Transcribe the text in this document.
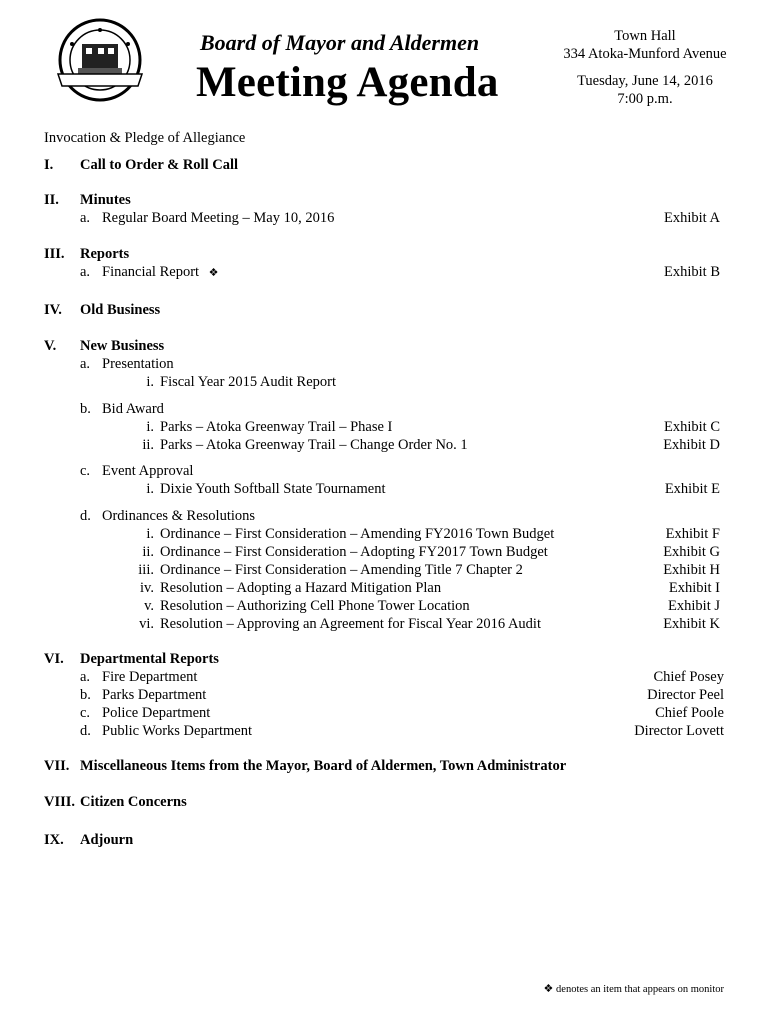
Board of Mayor and Aldermen
Meeting Agenda
Town Hall
334 Atoka-Munford Avenue
Tuesday, June 14, 2016
7:00 p.m.
Invocation & Pledge of Allegiance
I. Call to Order & Roll Call
II. Minutes
a. Regular Board Meeting – May 10, 2016	Exhibit A
III. Reports
a. Financial Report ❖	Exhibit B
IV. Old Business
V. New Business
a. Presentation
i. Fiscal Year 2015 Audit Report
b. Bid Award
i. Parks – Atoka Greenway Trail – Phase I	Exhibit C
ii. Parks – Atoka Greenway Trail – Change Order No. 1	Exhibit D
c. Event Approval
i. Dixie Youth Softball State Tournament	Exhibit E
d. Ordinances & Resolutions
i. Ordinance – First Consideration – Amending FY2016 Town Budget	Exhibit F
ii. Ordinance – First Consideration – Adopting FY2017 Town Budget	Exhibit G
iii. Ordinance – First Consideration – Amending Title 7 Chapter 2	Exhibit H
iv. Resolution – Adopting a Hazard Mitigation Plan	Exhibit I
v. Resolution – Authorizing Cell Phone Tower Location	Exhibit J
vi. Resolution – Approving an Agreement for Fiscal Year 2016 Audit	Exhibit K
VI. Departmental Reports
a. Fire Department	Chief Posey
b. Parks Department	Director Peel
c. Police Department	Chief Poole
d. Public Works Department	Director Lovett
VII. Miscellaneous Items from the Mayor, Board of Aldermen, Town Administrator
VIII. Citizen Concerns
IX. Adjourn
❖ denotes an item that appears on monitor
